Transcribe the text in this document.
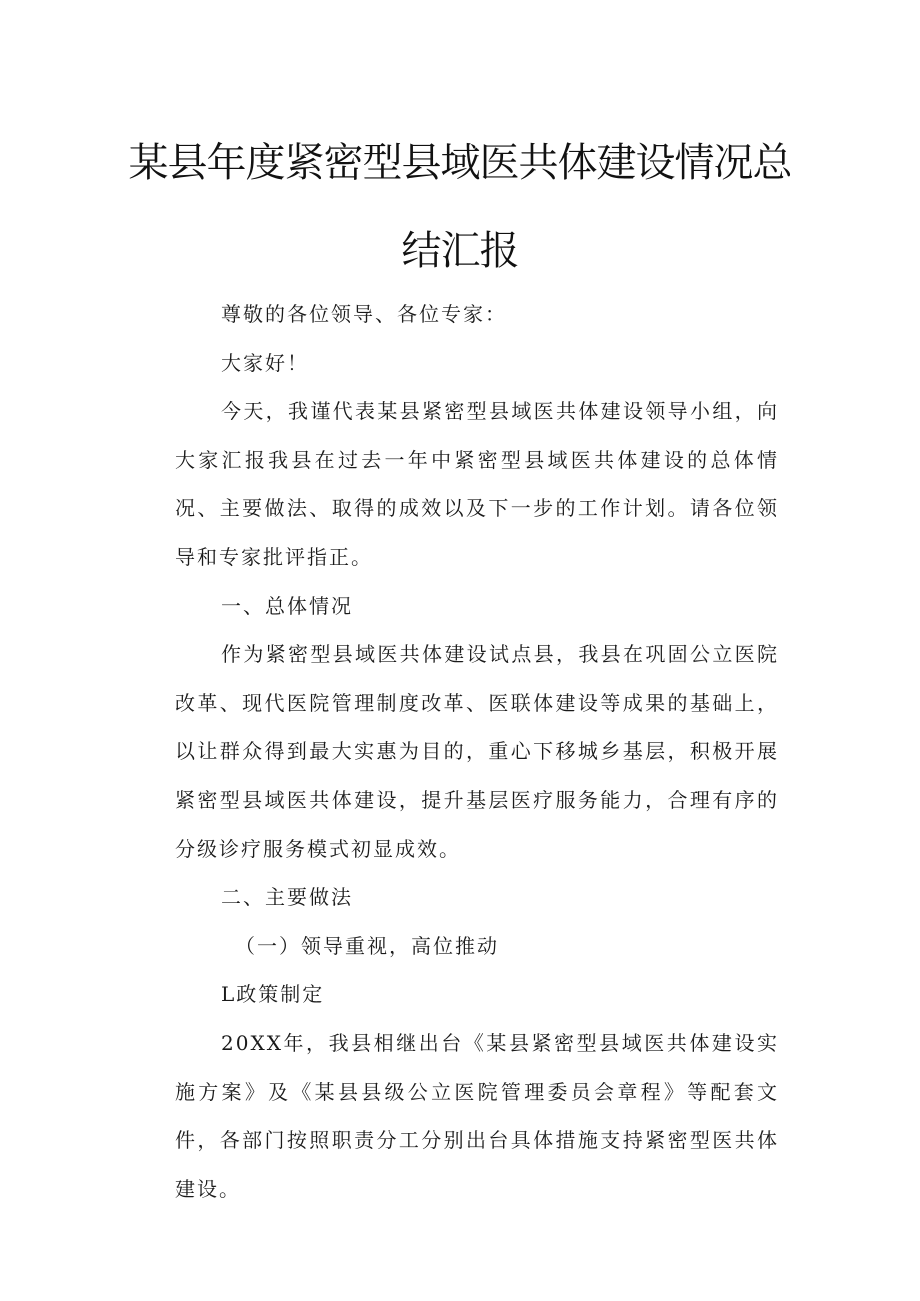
某县年度紧密型县域医共体建设情况总
结汇报

尊敬的各位领导、各位专家：

大家好！

今天，我谨代表某县紧密型县域医共体建设领导小组，向大家汇报我县在过去一年中紧密型县域医共体建设的总体情况、主要做法、取得的成效以及下一步的工作计划。请各位领导和专家批评指正。

一、总体情况

作为紧密型县域医共体建设试点县，我县在巩固公立医院改革、现代医院管理制度改革、医联体建设等成果的基础上，以让群众得到最大实惠为目的，重心下移城乡基层，积极开展紧密型县域医共体建设，提升基层医疗服务能力，合理有序的分级诊疗服务模式初显成效。

二、主要做法

（一）领导重视，高位推动

L政策制定

20XX年，我县相继出台《某县紧密型县域医共体建设实施方案》及《某县县级公立医院管理委员会章程》等配套文件，各部门按照职责分工分别出台具体措施支持紧密型医共体建设。
